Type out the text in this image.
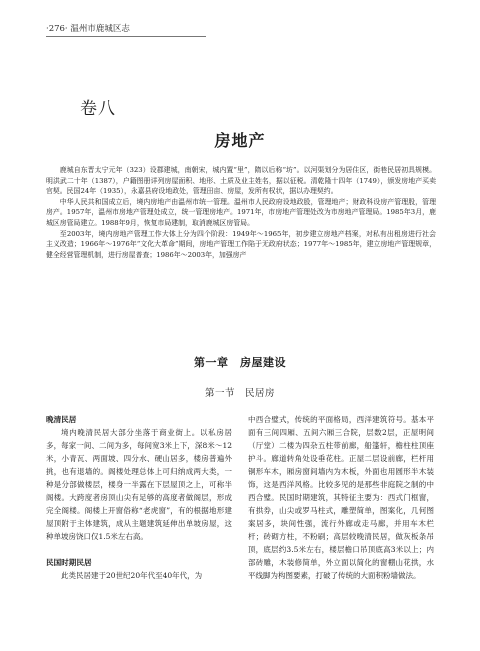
·276· 温州市鹿城区志
卷八
房地产

鹿城自东晋太宁元年（323）设郡建城，南朝宋，城内置“里”，隋以后称“坊”。以河渠划分为居住区，街巷民居初具规模。明洪武二十年（1387），户籍图册详列房屋面积、地形、土质及业主姓名，据以征税。清乾隆十四年（1749），颁发房地产买卖官契。民国24年（1935），永嘉县府设地政处，管理田亩、房屋，发所有权状，据以办理契约。

中华人民共和国成立后，境内房地产由温州市统一管理。温州市人民政府设地政股，管理地产；财政科设房产管理股，管理房产。1957年，温州市房地产管理处成立，统一管理房地产。1971年，市房地产管理处改为市房地产管理局。1985年3月，鹿城区房管局建立。1988年9月，恢复市局建制，取消鹿城区房管局。

至2003年，境内房地产管理工作大体上分为四个阶段：1949年～1965年，初步建立房地产档案，对私有出租房进行社会主义改造；1966年～1976年“文化大革命”期间，房地产管理工作陷于无政府状态；1977年～1985年，建立房地产管理规章，健全经营管理机制，进行房屋普查；1986年～2003年，加强房产

第一章　房屋建设
第一节　民居房
晚清民居

境内晚清民居大部分坐落于商业街上。以私房居多，每家一间、二间为多，每间宽3米上下，深8米～12米，小青瓦、两面坡、四分水、硬山居多，楼房普遍外挑，也有退墙的。阁楼处理总体上可归纳成两大类，一种是分部做楼层，楼身一半露在下层屋顶之上，可称半阁楼。大跨度者房顶山尖有足够的高度者做阁层，形成完全阁楼。阁楼上开窗俗称“老虎窗”，有的根据地形建屋顶附于主体建筑，成从主题建筑延伸出单坡房屋，这种单坡房饶口仅1.5米左右高。

民国时期民居

此类民居建于20世纪20年代至40年代，为

中西合璧式，传统的平面格局，西洋建筑符号。基本平面有三间四厢、五间六厢三合院，层数2层，正屋明间（厅堂）二楼为四杂五柱带前廊，船篷轩，檐柱柱顶座护斗。廊道转角处设垂花柱。正屋二层设前廊，栏杆用铜形车木，厢房窗间墙内为木板，外面也用圆形半木装饰，这是西洋风格。比较多见的是那些非庭院之制的中西合璧。民国时期建筑，其特征主要为：西式门框窗，有拱券，山尖或罗马柱式，雕塑简单，图案化，几何图案居多，块间性强，流行外廊或走马廊，并用车木栏杆；砖砌方柱，不粉刷；高层较晚清民居，做灰板条吊顶，底层约3.5米左右，楼层檐口吊顶底高3米以上；内部砖雕，木装修简单，外立面以简化的窗棚山花拱，水平线脚为构图要素，打破了传统的大面积粉墙做法。
